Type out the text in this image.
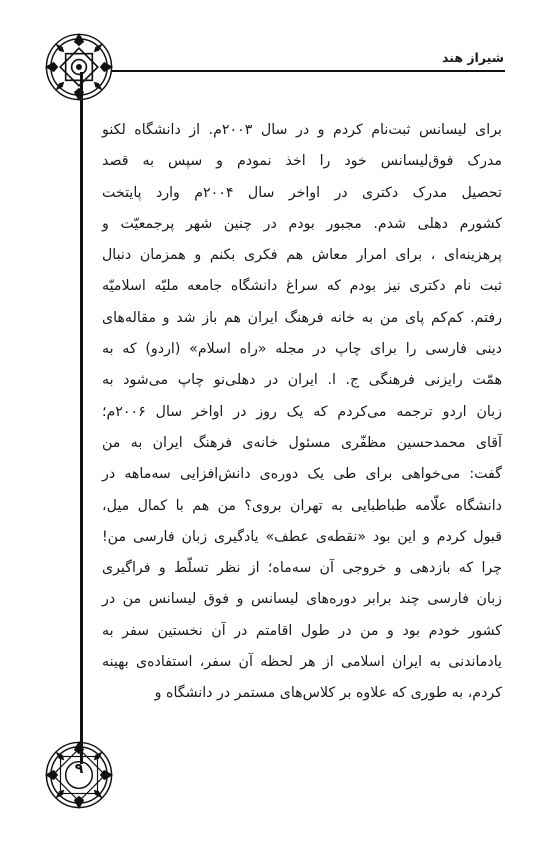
شیراز هند
۹
برای لیسانس ثبت‌نام کردم و در سال ۲۰۰۳م. از دانشگاه لکنو
مدرک فوق‌لیسانس خود را اخذ نمودم و سپس به قصد
تحصیل مدرک دکتری در اواخر سال ۲۰۰۴م وارد پایتخت
کشورم دهلی شدم. مجبور بودم در چنین شهر پرجمعیّت و
پرهزینه‌ای ، برای امرار معاش هم فکری بکنم و همزمان دنبال
ثبت نام دکتری نیز بودم که سراغ دانشگاه جامعه ملیّه اسلامیّه
رفتم. کم‌کم پای من به خانه فرهنگ ایران هم باز شد و مقاله‌های
دینی فارسی را برای چاپ در مجله «راه اسلام» (اردو) که به
همّت رایزنی فرهنگی ج. ا. ایران در دهلی‌نو چاپ می‌شود به
زبان اردو ترجمه می‌کردم که یک روز در اواخر سال ۲۰۰۶م؛
آقای محمدحسین مظفّری مسئول خانه‌ی فرهنگ ایران به من
گفت: می‌خواهی برای طی یک دوره‌ی دانش‌افزایی سه‌ماهه در
دانشگاه علّامه طباطبایی به تهران بروی؟ من هم با کمال میل،
قبول کردم و این بود «نقطه‌ی عطف» یادگیری زبان فارسی من!
چرا که بازدهی و خروجی آن سه‌ماه؛ از نظر تسلّط و فراگیری
زبان فارسی چند برابر دوره‌های لیسانس و فوق لیسانس من در
کشور خودم بود و من در طول اقامتم در آن نخستین سفر به
یادماندنی به ایران اسلامی از هر لحظه آن سفر، استفاده‌ی بهینه
کردم، به طوری که علاوه بر کلاس‌های مستمر در دانشگاه و
